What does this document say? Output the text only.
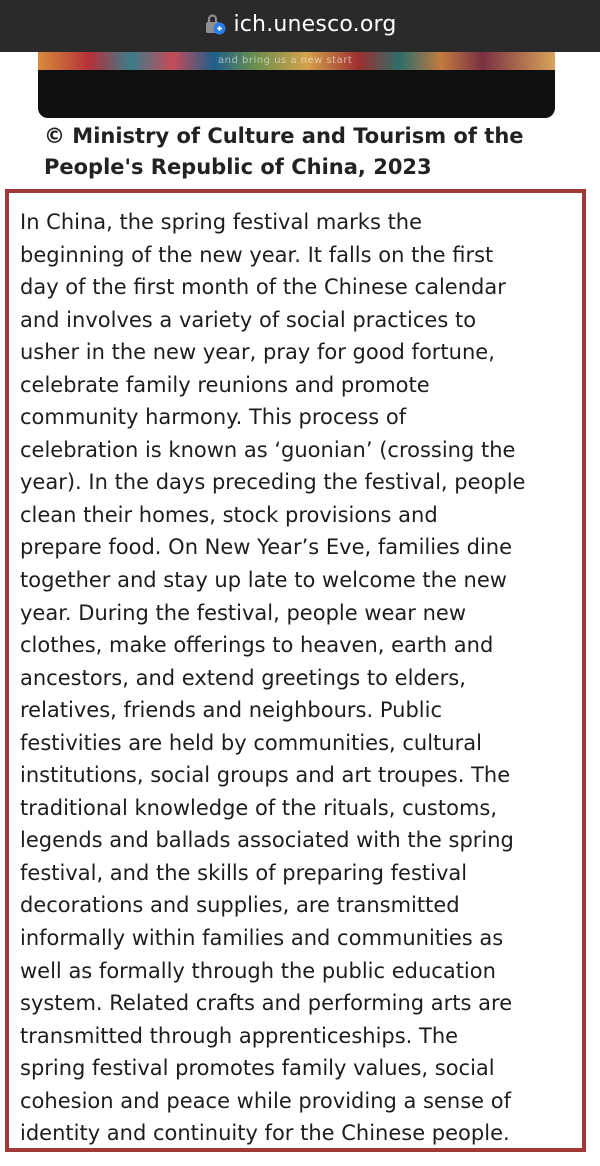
ich.unesco.org
and bring us a new start
© Ministry of Culture and Tourism of the
People's Republic of China, 2023
In China, the spring festival marks the
beginning of the new year. It falls on the first
day of the first month of the Chinese calendar
and involves a variety of social practices to
usher in the new year, pray for good fortune,
celebrate family reunions and promote
community harmony. This process of
celebration is known as ‘guonian’ (crossing the
year). In the days preceding the festival, people
clean their homes, stock provisions and
prepare food. On New Year’s Eve, families dine
together and stay up late to welcome the new
year. During the festival, people wear new
clothes, make offerings to heaven, earth and
ancestors, and extend greetings to elders,
relatives, friends and neighbours. Public
festivities are held by communities, cultural
institutions, social groups and art troupes. The
traditional knowledge of the rituals, customs,
legends and ballads associated with the spring
festival, and the skills of preparing festival
decorations and supplies, are transmitted
informally within families and communities as
well as formally through the public education
system. Related crafts and performing arts are
transmitted through apprenticeships. The
spring festival promotes family values, social
cohesion and peace while providing a sense of
identity and continuity for the Chinese people.
